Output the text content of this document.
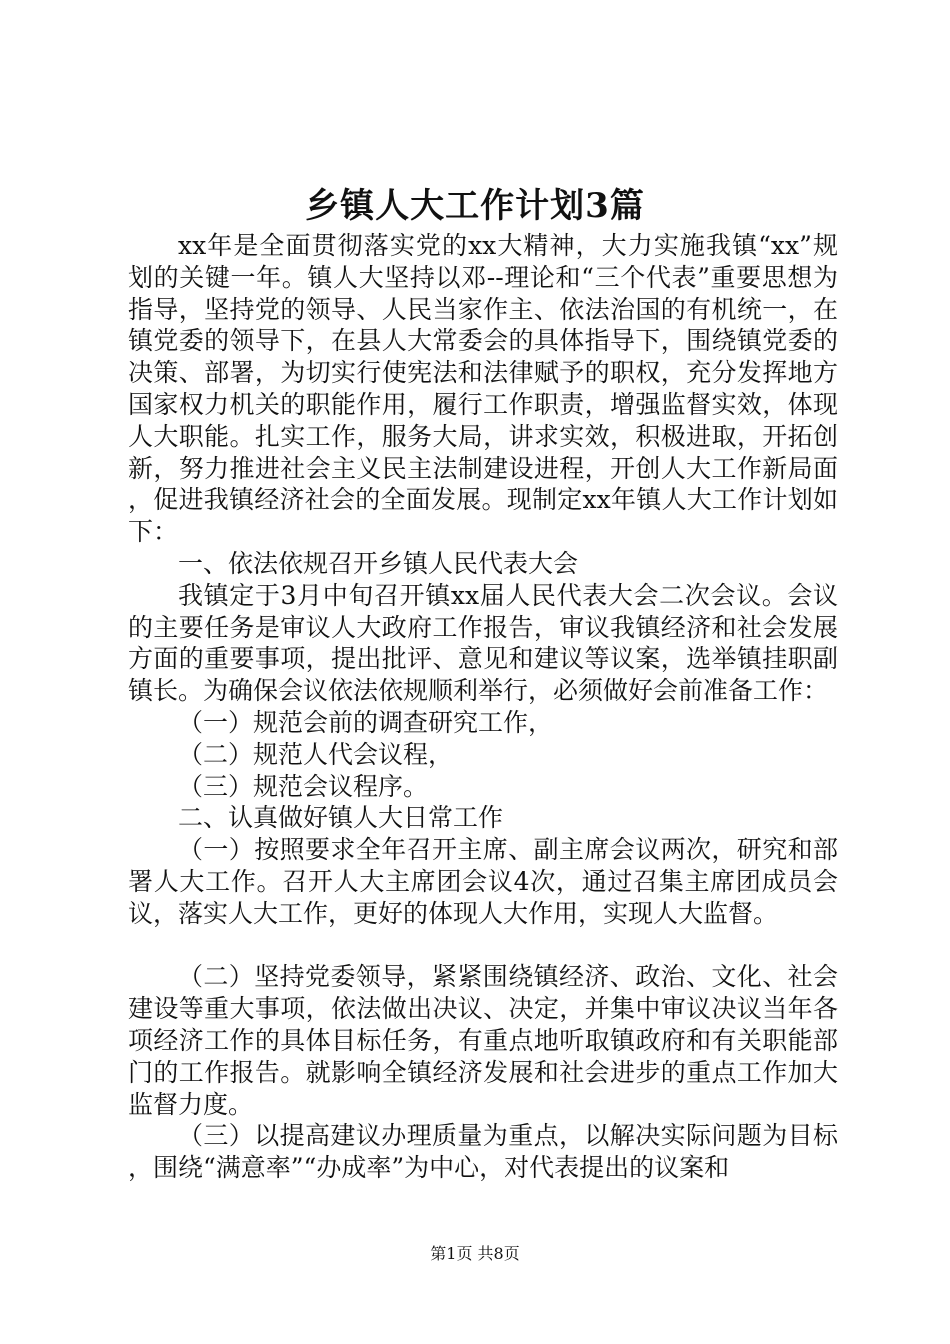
乡镇人大工作计划3篇

xx年是全面贯彻落实党的xx大精神，大力实施我镇“xx”规划的关键一年。镇人大坚持以邓--理论和“三个代表”重要思想为指导，坚持党的领导、人民当家作主、依法治国的有机统一，在镇党委的领导下，在县人大常委会的具体指导下，围绕镇党委的决策、部署，为切实行使宪法和法律赋予的职权，充分发挥地方国家权力机关的职能作用，履行工作职责，增强监督实效，体现人大职能。扎实工作，服务大局，讲求实效，积极进取，开拓创新，努力推进社会主义民主法制建设进程，开创人大工作新局面，促进我镇经济社会的全面发展。现制定xx年镇人大工作计划如下：

一、依法依规召开乡镇人民代表大会

我镇定于3月中旬召开镇xx届人民代表大会二次会议。会议的主要任务是审议人大政府工作报告，审议我镇经济和社会发展方面的重要事项，提出批评、意见和建议等议案，选举镇挂职副镇长。为确保会议依法依规顺利举行，必须做好会前准备工作：

（一）规范会前的调查研究工作，

（二）规范人代会议程，

（三）规范会议程序。

二、认真做好镇人大日常工作

（一）按照要求全年召开主席、副主席会议两次，研究和部署人大工作。召开人大主席团会议4次，通过召集主席团成员会议，落实人大工作，更好的体现人大作用，实现人大监督。

（二）坚持党委领导，紧紧围绕镇经济、政治、文化、社会建设等重大事项，依法做出决议、决定，并集中审议决议当年各项经济工作的具体目标任务，有重点地听取镇政府和有关职能部门的工作报告。就影响全镇经济发展和社会进步的重点工作加大监督力度。

（三）以提高建议办理质量为重点，以解决实际问题为目标，围绕“满意率”“办成率”为中心，对代表提出的议案和

第1页 共8页
